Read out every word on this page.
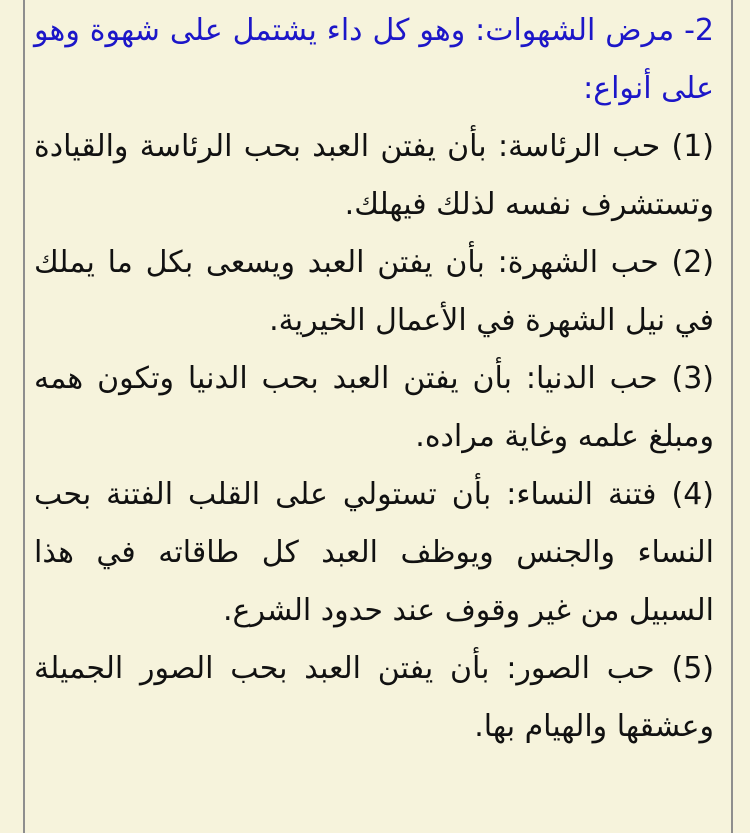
2- مرض الشهوات: وهو كل داء يشتمل على شهوة وهو على أنواع:

(1) حب الرئاسة: بأن يفتن العبد بحب الرئاسة والقيادة وتستشرف نفسه لذلك فيهلك.

(2) حب الشهرة: بأن يفتن العبد ويسعى بكل ما يملك في نيل الشهرة في الأعمال الخيرية.

(3) حب الدنيا: بأن يفتن العبد بحب الدنيا وتكون همه ومبلغ علمه وغاية مراده.

(4) فتنة النساء: بأن تستولي على القلب الفتنة بحب النساء والجنس ويوظف العبد كل طاقاته في هذا السبيل من غير وقوف عند حدود الشرع.

(5) حب الصور: بأن يفتن العبد بحب الصور الجميلة وعشقها والهيام بها.
